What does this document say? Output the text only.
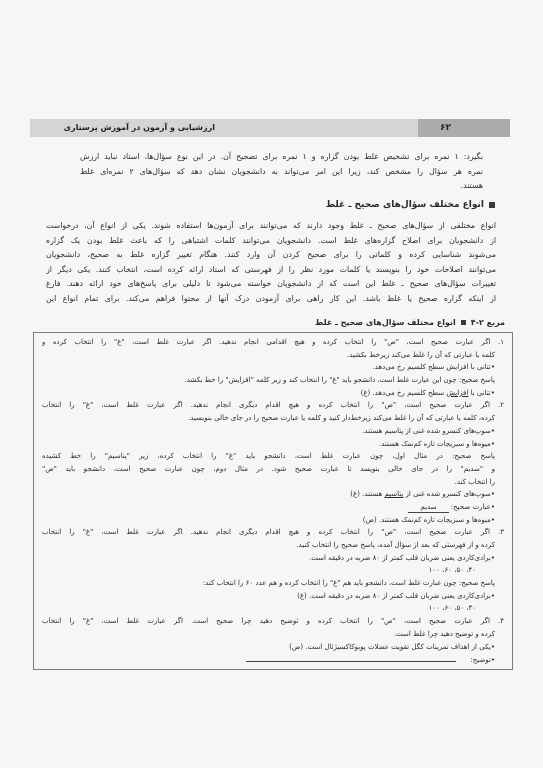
۶۲
ارزشیابی و آزمون در آموزش پرستاری
بگیرد: ۱ نمره برای تشخیص غلط بودن گزاره و ۱ نمره برای تصحیح آن. در این نوع سؤال‌ها، استاد نباید ارزش
نمره هر سؤال را مشخص کند، زیرا این امر می‌تواند به دانشجویان نشان دهد که سؤال‌های ۲ نمره‌ای غلط
هستند.
انواع مختلف سؤال‌های صحیح ـ غلط
انواع مختلفی از سؤال‌های صحیح ـ غلط وجود دارند که می‌توانند برای آزمون‌ها استفاده شوند. یکی از انواع آن، درخواست
از دانشجویان برای اصلاح گزاره‌های غلط است. دانشجویان می‌توانند کلمات اشتباهی را که باعث غلط بودن یک گزاره
می‌شوند شناسایی کرده و کلماتی را برای صحیح کردن آن وارد کنند. هنگام تغییر گزاره غلط به صحیح، دانشجویان
می‌توانند اصلاحات خود را بنویسند یا کلمات مورد نظر را از فهرستی که استاد ارائه کرده است، انتخاب کنند. یکی دیگر از
تغییرات سؤال‌های صحیح ـ غلط این است که از دانشجویان خواسته می‌شود تا دلیلی برای پاسخ‌های خود ارائه دهند. فارغ
از اینکه گزاره صحیح یا غلط باشد. این کار راهی برای آزمودن درک آنها از محتوا فراهم می‌کند. برای تمام انواع این
مربع ۲-۴انواع مختلف سؤال‌های صحیح ـ غلط
۱. اگر عبارت صحیح است، "ص" را انتخاب کرده و هیچ اقدامی انجام ندهید. اگر عبارت غلط است، "غ" را انتخاب کرده و
کلمه یا عبارتی که آن را غلط می‌کند زیرخط بکشید.
•تتانی با افزایش سطح کلسیم رخ می‌دهد.
پاسخ صحیح: چون این عبارت غلط است، دانشجو باید "غ" را انتخاب کند و زیر کلمه "افزایش" را خط بکشد.
•تتانی با افزایش سطح کلسیم رخ می‌دهد. (غ)
۲. اگر عبارت صحیح است، "ص" را انتخاب کرده و هیچ اقدام دیگری انجام ندهید. اگر عبارت غلط است، "غ" را انتخاب
کرده، کلمه یا عبارتی که آن را غلط می‌کند زیرخط‌دار کنید و کلمه یا عبارت صحیح را در جای خالی بنویسید.
•سوپ‌های کنسرو شده غنی از پتاسیم هستند.
•میوه‌ها و سبزیجات تازه کم‌نمک هستند.
پاسخ صحیح: در مثال اول، چون عبارت غلط است، دانشجو باید "غ" را انتخاب کرده، زیر "پتاسیم" را خط کشیده
و "سدیم" را در جای خالی بنویسد تا عبارت صحیح شود. در مثال دوم، چون عبارت صحیح است، دانشجو باید "ص"
را انتخاب کند.
•سوپ‌های کنسرو شده غنی از پتاسیم هستند. (غ)
•عبارت صحیح: سدیم
•میوه‌ها و سبزیجات تازه کم‌نمک هستند. (ص)
۳. اگر عبارت صحیح است، "ص" را انتخاب کرده و هیچ اقدام دیگری انجام ندهید. اگر عبارت غلط است، "غ" را انتخاب
کرده و از فهرستی که بعد از سؤال آمده، پاسخ صحیح را انتخاب کنید.
•برادی‌کاردی یعنی ضربان قلب کمتر از ۸۰ ضربه در دقیقه است.
۴۰، ۵۰، ۶۰، ۱۰۰
پاسخ صحیح: چون عبارت غلط است، دانشجو باید هم "غ" را انتخاب کرده و هم عدد ۶۰ را انتخاب کند:
•برادی‌کاردی یعنی ضربان قلب کمتر از ۸۰ ضربه در دقیقه است. (غ)
۴۰، ۵۰، ۶۰، ۱۰۰
۴. اگر عبارت صحیح است، "ص" را انتخاب کرده و توضیح دهید چرا صحیح است. اگر عبارت غلط است، "غ" را انتخاب
کرده و توضیح دهید چرا غلط است.
•یکی از اهداف تمرینات کگل تقویت عضلات پوبوکاکسیژئال است. (ص)
•توضیح:
